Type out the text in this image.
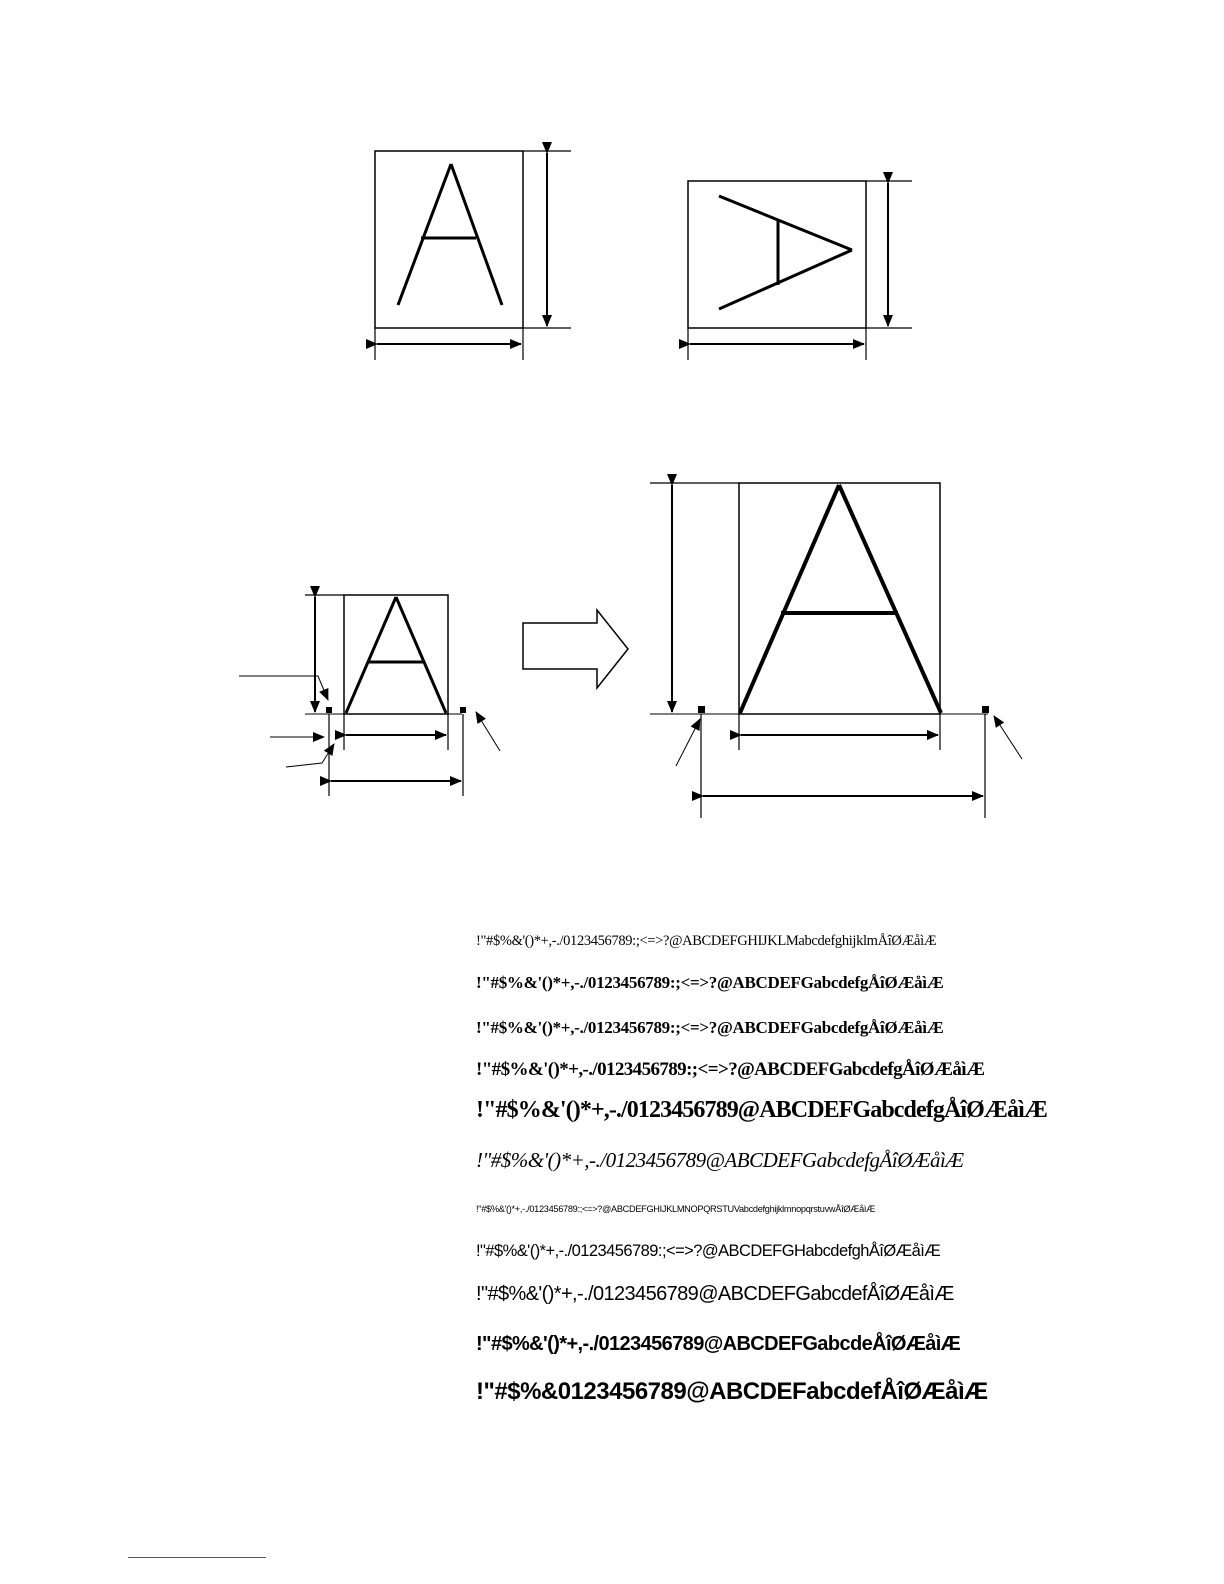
!"#$%&'()*+,-./0123456789:;<=>?@ABCDEFGHIJKLMabcdefghijklmÅîØÆåìÆ

!"#$%&'()*+,-./0123456789:;<=>?@ABCDEFGabcdefgÅîØÆåìÆ

!"#$%&'()*+,-./0123456789:;<=>?@ABCDEFGabcdefgÅîØÆåìÆ

!"#$%&'()*+,-./0123456789:;<=>?@ABCDEFGabcdefgÅîØÆåìÆ

!"#$%&'()*+,-./0123456789@ABCDEFGabcdefgÅîØÆåìÆ

!"#$%&'()*+,-./0123456789@ABCDEFGabcdefgÅîØÆåìÆ

!"#$%&'()*+,-./0123456789:;<=>?@ABCDEFGHIJKLMNOPQRSTUVabcdefghijklmnopqrstuvwÅîØÆåìÆ

!"#$%&'()*+,-./0123456789:;<=>?@ABCDEFGHabcdefghÅîØÆåìÆ

!"#$%&'()*+,-./0123456789@ABCDEFGabcdefÅîØÆåìÆ

!"#$%&'()*+,-./0123456789@ABCDEFGabcdeÅîØÆåìÆ

!"#$%&0123456789@ABCDEFabcdefÅîØÆåìÆ
